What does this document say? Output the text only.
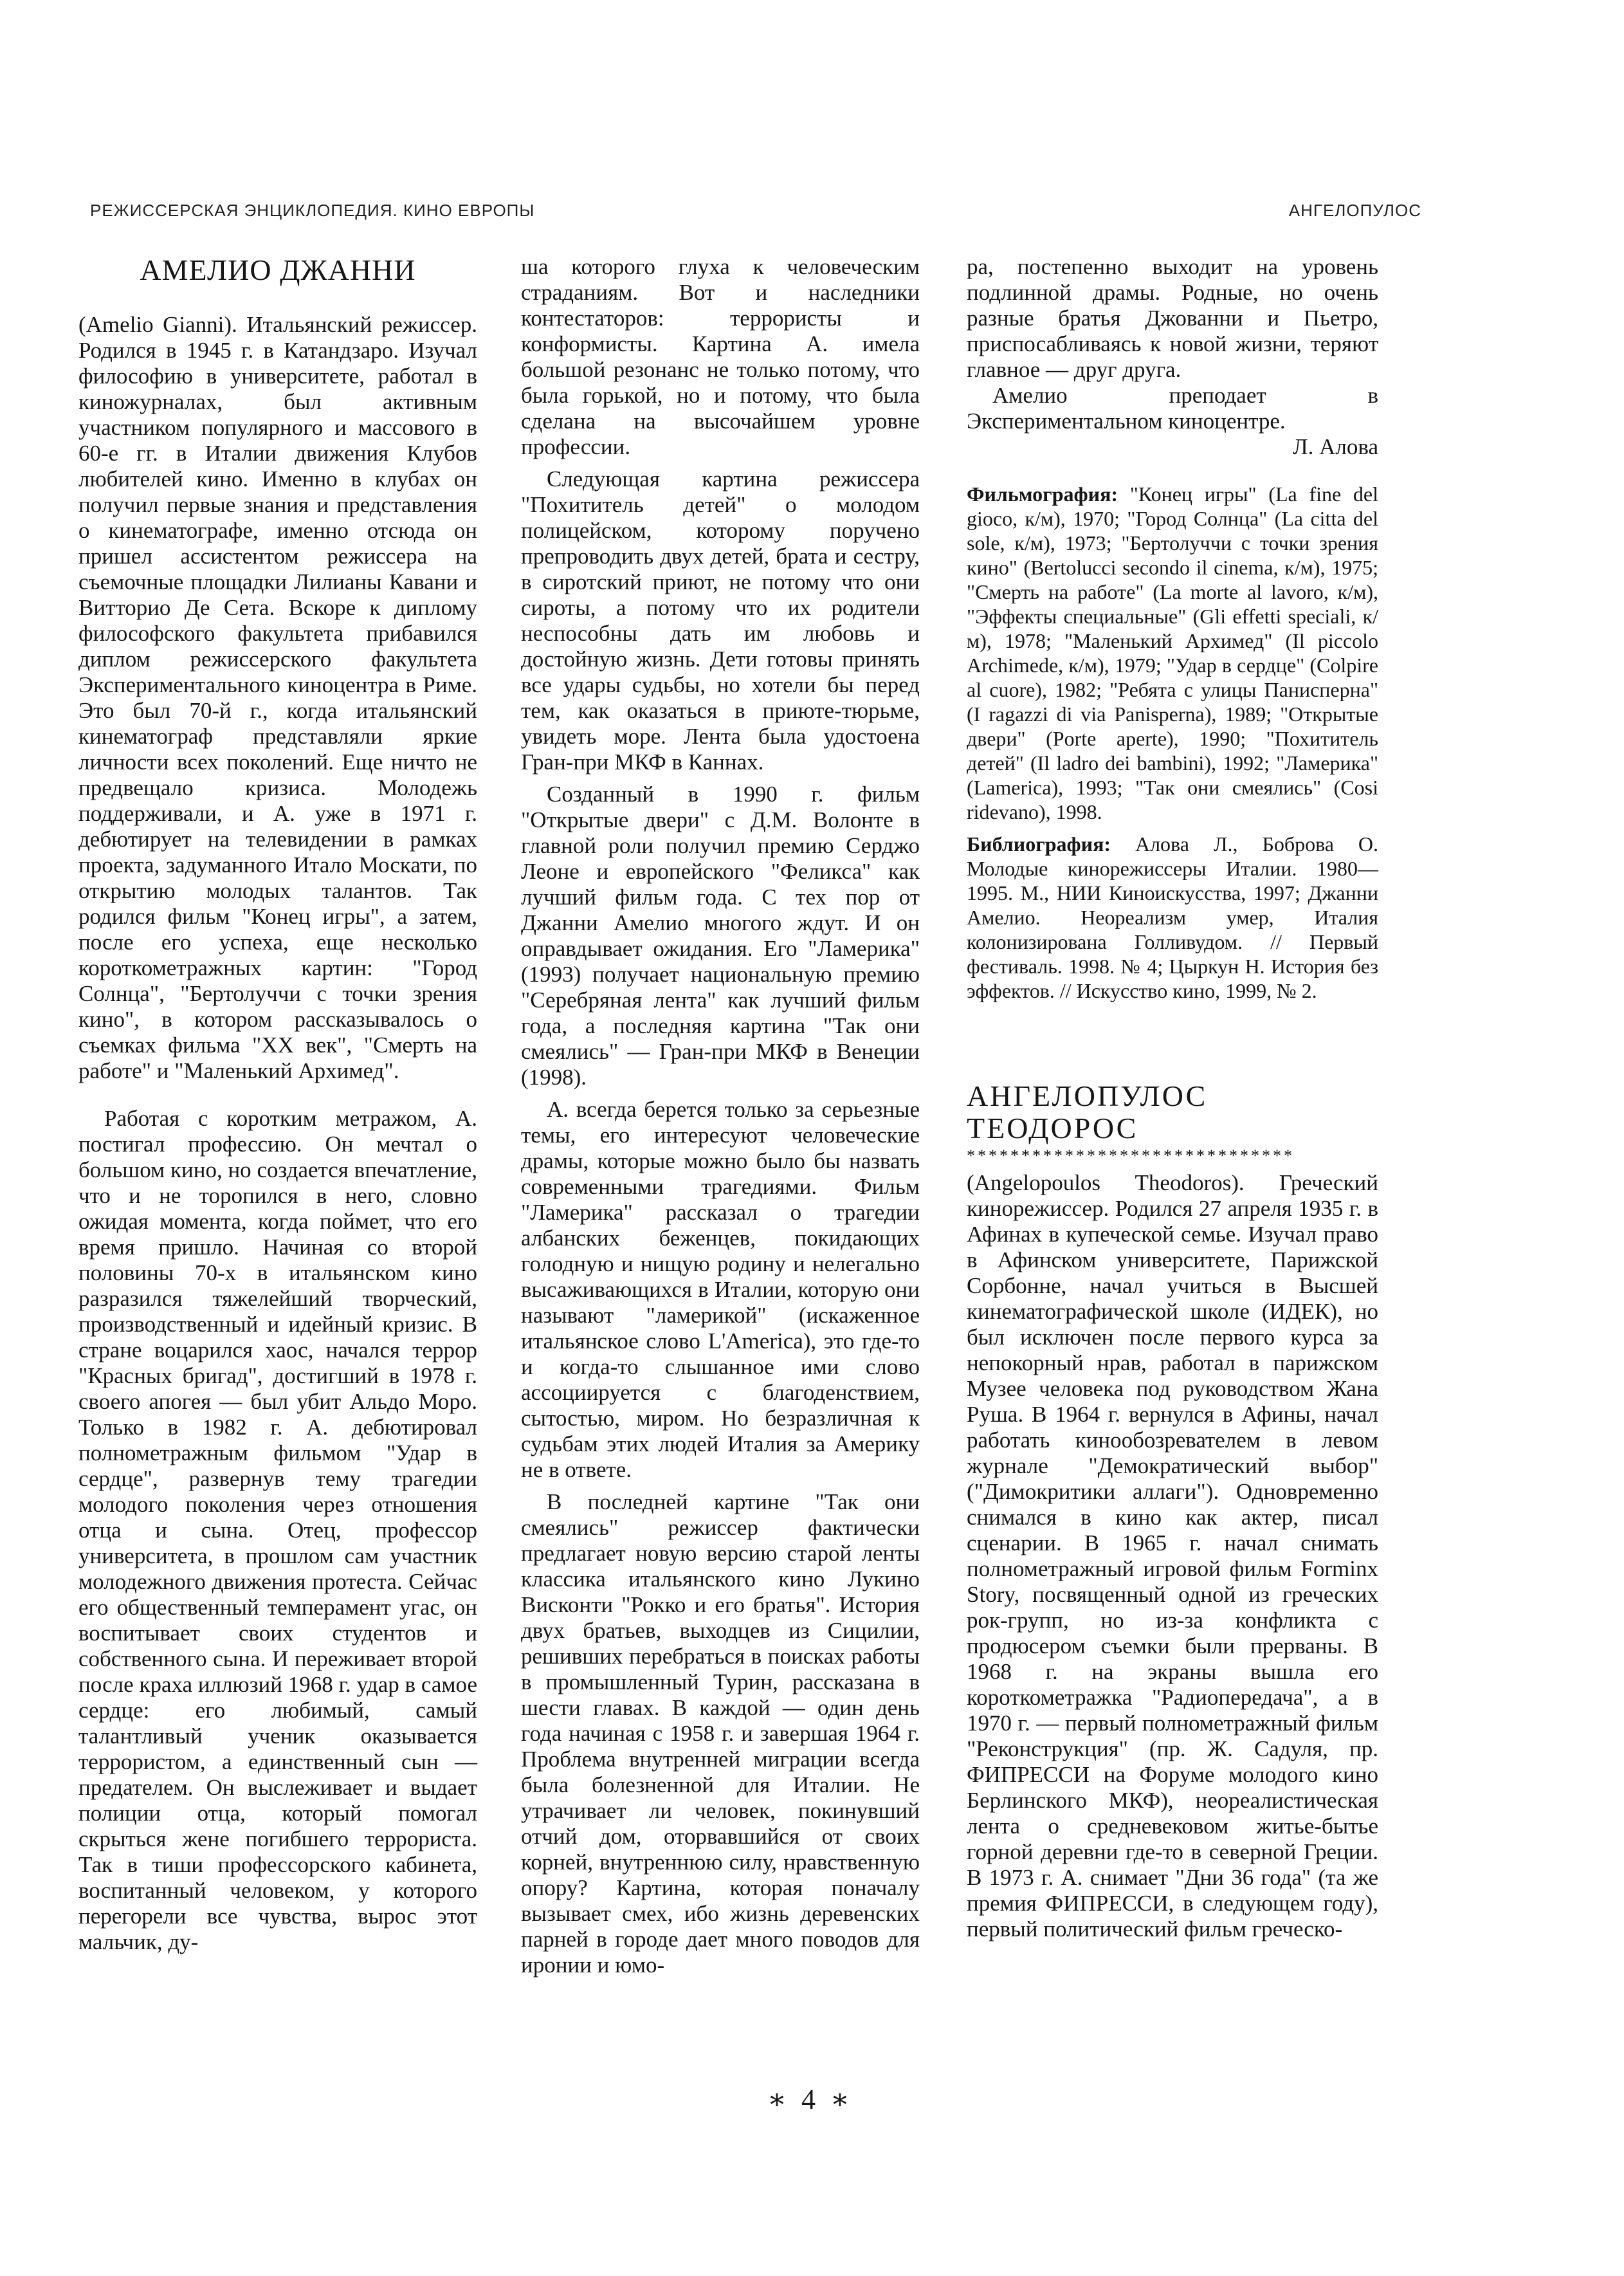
РЕЖИССЕРСКАЯ ЭНЦИКЛОПЕДИЯ. КИНО ЕВРОПЫ	АНГЕЛОПУЛОС
АМЕЛИО ДЖАННИ

(Amelio Gianni). Итальянский режиссер. Родился в 1945 г. в Катандзаро. Изучал философию в университете, работал в киножурналах, был активным участником популярного и массового в 60-е гг. в Италии движения Клубов любителей кино. Именно в клубах он получил первые знания и представления о кинематографе, именно отсюда он пришел ассистентом режиссера на съемочные площадки Лилианы Кавани и Витторио Де Сета. Вскоре к диплому философского факультета прибавился диплом режиссерского факультета Экспериментального киноцентра в Риме. Это был 70-й г., когда итальянский кинематограф представляли яркие личности всех поколений. Еще ничто не предвещало кризиса. Молодежь поддерживали, и А. уже в 1971 г. дебютирует на телевидении в рамках проекта, задуманного Итало Москати, по открытию молодых талантов. Так родился фильм "Конец игры", а затем, после его успеха, еще несколько короткометражных картин: "Город Солнца", "Бертолуччи с точки зрения кино", в котором рассказывалось о съемках фильма "XX век", "Смерть на работе" и "Маленький Архимед".

Работая с коротким метражом, А. постигал профессию. Он мечтал о большом кино, но создается впечатление, что и не торопился в него, словно ожидая момента, когда поймет, что его время пришло. Начиная со второй половины 70-х в итальянском кино разразился тяжелейший творческий, производственный и идейный кризис. В стране воцарился хаос, начался террор "Красных бригад", достигший в 1978 г. своего апогея — был убит Альдо Моро. Только в 1982 г. А. дебютировал полнометражным фильмом "Удар в сердце", развернув тему трагедии молодого поколения через отношения отца и сына. Отец, профессор университета, в прошлом сам участник молодежного движения протеста. Сейчас его общественный темперамент угас, он воспитывает своих студентов и собственного сына. И переживает второй после краха иллюзий 1968 г. удар в самое сердце: его любимый, самый талантливый ученик оказывается террористом, а единственный сын — предателем. Он выслеживает и выдает полиции отца, который помогал скрыться жене погибшего террориста. Так в тиши профессорского кабинета, воспитанный человеком, у которого перегорели все чувства, вырос этот мальчик, ду-

ша которого глуха к человеческим страданиям. Вот и наследники контестаторов: террористы и конформисты. Картина А. имела большой резонанс не только потому, что была горькой, но и потому, что была сделана на высочайшем уровне профессии.

Следующая картина режиссера "Похититель детей" о молодом полицейском, которому поручено препроводить двух детей, брата и сестру, в сиротский приют, не потому что они сироты, а потому что их родители неспособны дать им любовь и достойную жизнь. Дети готовы принять все удары судьбы, но хотели бы перед тем, как оказаться в приюте-тюрьме, увидеть море. Лента была удостоена Гран-при МКФ в Каннах.

Созданный в 1990 г. фильм "Открытые двери" с Д.М. Волонте в главной роли получил премию Серджо Леоне и европейского "Феликса" как лучший фильм года. С тех пор от Джанни Амелио многого ждут. И он оправдывает ожидания. Его "Ламерика" (1993) получает национальную премию "Серебряная лента" как лучший фильм года, а последняя картина "Так они смеялись" — Гран-при МКФ в Венеции (1998).

А. всегда берется только за серьезные темы, его интересуют человеческие драмы, которые можно было бы назвать современными трагедиями. Фильм "Ламерика" рассказал о трагедии албанских беженцев, покидающих голодную и нищую родину и нелегально высаживающихся в Италии, которую они называют "ламерикой" (искаженное итальянское слово L'America), это где-то и когда-то слышанное ими слово ассоциируется с благоденствием, сытостью, миром. Но безразличная к судьбам этих людей Италия за Америку не в ответе.

В последней картине "Так они смеялись" режиссер фактически предлагает новую версию старой ленты классика итальянского кино Лукино Висконти "Рокко и его братья". История двух братьев, выходцев из Сицилии, решивших перебраться в поисках работы в промышленный Турин, рассказана в шести главах. В каждой — один день года начиная с 1958 г. и завершая 1964 г. Проблема внутренней миграции всегда была болезненной для Италии. Не утрачивает ли человек, покинувший отчий дом, оторвавшийся от своих корней, внутреннюю силу, нравственную опору? Картина, которая поначалу вызывает смех, ибо жизнь деревенских парней в городе дает много поводов для иронии и юмо-

ра, постепенно выходит на уровень подлинной драмы. Родные, но очень разные братья Джованни и Пьетро, приспосабливаясь к новой жизни, теряют главное — друг друга.

Амелио преподает в Экспериментальном киноцентре.

Л. Алова

Фильмография: "Конец игры" (La fine del gioco, к/м), 1970; "Город Солнца" (La citta del sole, к/м), 1973; "Бертолуччи с точки зрения кино" (Bertolucci secondo il cinema, к/м), 1975; "Смерть на работе" (La morte al lavoro, к/м), "Эффекты специальные" (Gli effetti speciali, к/м), 1978; "Маленький Архимед" (Il piccolo Archimede, к/м), 1979; "Удар в сердце" (Colpire al cuore), 1982; "Ребята с улицы Панисперна" (I ragazzi di via Panisperna), 1989; "Открытые двери" (Porte aperte), 1990; "Похититель детей" (Il ladro dei bambini), 1992; "Ламерика" (Lamerica), 1993; "Так они смеялись" (Cosi ridevano), 1998.

Библиография: Алова Л., Боброва О. Молодые кинорежиссеры Италии. 1980—1995. М., НИИ Киноискусства, 1997; Джанни Амелио. Неореализм умер, Италия колонизирована Голливудом. // Первый фестиваль. 1998. № 4; Цыркун Н. История без эффектов. // Искусство кино, 1999, № 2.

АНГЕЛОПУЛОС ТЕОДОРОС
******************************

(Angelopoulos Theodoros). Греческий кинорежиссер. Родился 27 апреля 1935 г. в Афинах в купеческой семье. Изучал право в Афинском университете, Парижской Сорбонне, начал учиться в Высшей кинематографической школе (ИДЕК), но был исключен после первого курса за непокорный нрав, работал в парижском Музее человека под руководством Жана Руша. В 1964 г. вернулся в Афины, начал работать кинообозревателем в левом журнале "Демократический выбор" ("Димокритики аллаги"). Одновременно снимался в кино как актер, писал сценарии. В 1965 г. начал снимать полнометражный игровой фильм Forminx Story, посвященный одной из греческих рок-групп, но из-за конфликта с продюсером съемки были прерваны. В 1968 г. на экраны вышла его короткометражка "Радиопередача", а в 1970 г. — первый полнометражный фильм "Реконструкция" (пр. Ж. Садуля, пр. ФИПРЕССИ на Форуме молодого кино Берлинского МКФ), неореалистическая лента о средневековом житье-бытье горной деревни где-то в северной Греции. В 1973 г. А. снимает "Дни 36 года" (та же премия ФИПРЕССИ, в следующем году), первый политический фильм греческо-

∗ 4 ∗
